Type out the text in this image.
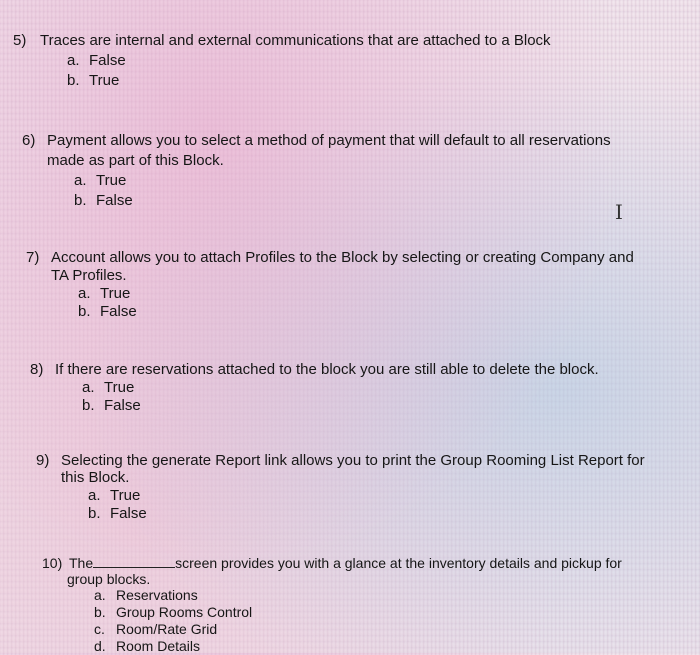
5) Traces are internal and external communications that are attached to a Block
a. False
b. True
6) Payment allows you to select a method of payment that will default to all reservations
made as part of this Block.
a. True
b. False
7) Account allows you to attach Profiles to the Block by selecting or creating Company and
TA Profiles.
a. True
b. False
8) If there are reservations attached to the block you are still able to delete the block.
a. True
b. False
9) Selecting the generate Report link allows you to print the Group Rooming List Report for
this Block.
a. True
b. False
10) The	screen provides you with a glance at the inventory details and pickup for
group blocks.
a. Reservations
b. Group Rooms Control
c. Room/Rate Grid
d. Room Details
I
